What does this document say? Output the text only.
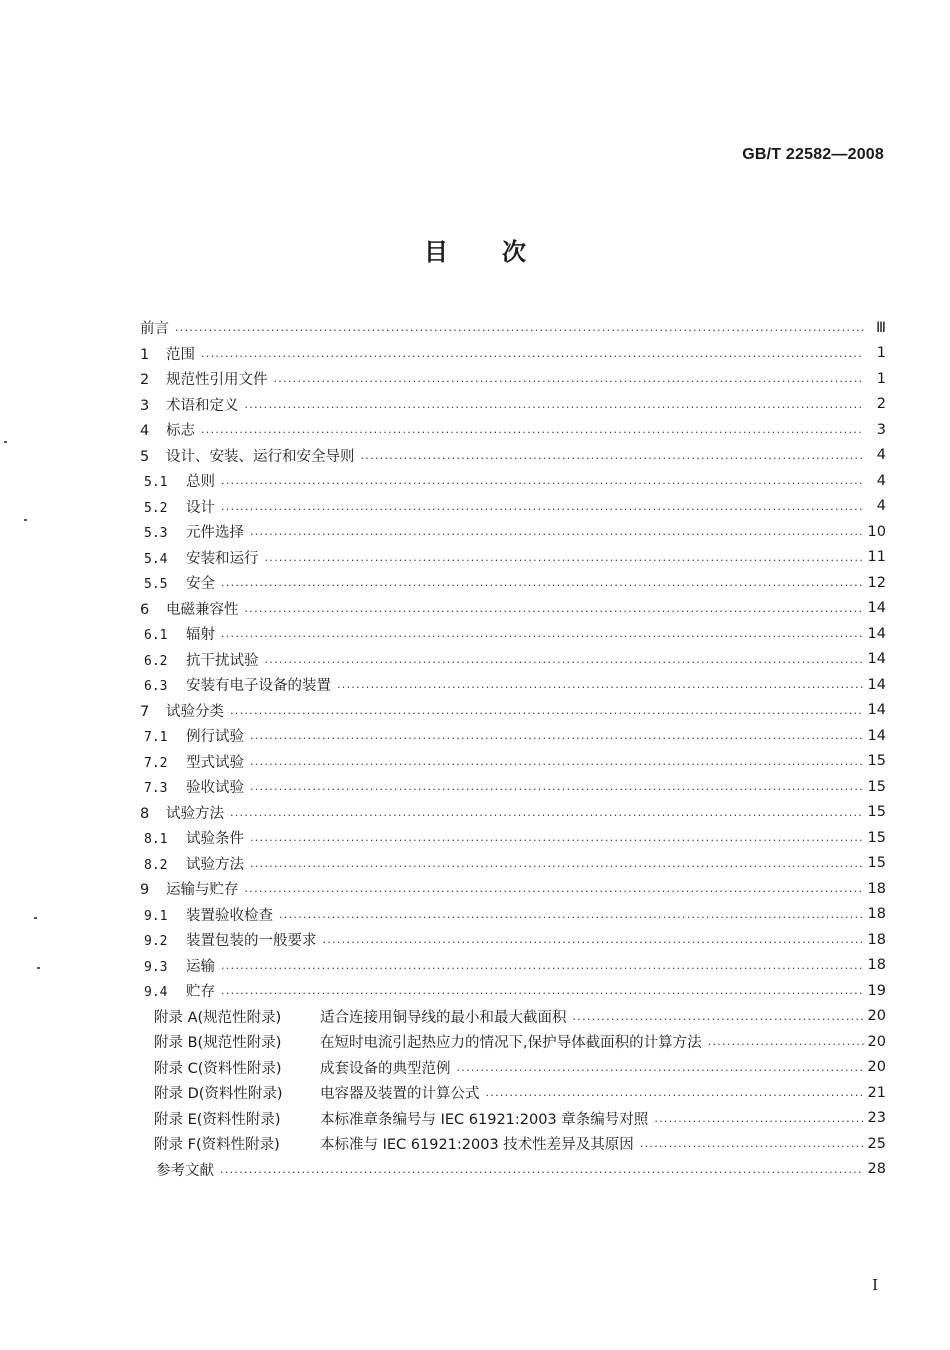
GB/T 22582—2008
目 次
前言 .....	Ⅲ
1 范围 .....	1
2 规范性引用文件 .....	1
3 术语和定义 .....	2
4 标志 .....	3
5 设计、安装、运行和安全导则 .....	4
5.1 总则 .....	4
5.2 设计 .....	4
5.3 元件选择 .....	10
5.4 安装和运行 .....	11
5.5 安全 .....	12
6 电磁兼容性 .....	14
6.1 辐射 .....	14
6.2 抗干扰试验 .....	14
6.3 安装有电子设备的装置 .....	14
7 试验分类 .....	14
7.1 例行试验 .....	14
7.2 型式试验 .....	15
7.3 验收试验 .....	15
8 试验方法 .....	15
8.1 试验条件 .....	15
8.2 试验方法 .....	15
9 运输与贮存 .....	18
9.1 装置验收检查 .....	18
9.2 装置包装的一般要求 .....	18
9.3 运输 .....	18
9.4 贮存 .....	19
附录 A(规范性附录)	适合连接用铜导线的最小和最大截面积 .....	20
附录 B(规范性附录)	在短时电流引起热应力的情况下,保护导体截面积的计算方法 .....	20
附录 C(资料性附录)	成套设备的典型范例 .....	20
附录 D(资料性附录)	电容器及装置的计算公式 .....	21
附录 E(资料性附录)	本标准章条编号与 IEC 61921:2003 章条编号对照 .....	23
附录 F(资料性附录)	本标准与 IEC 61921:2003 技术性差异及其原因 .....	25
参考文献 .....	28
I
